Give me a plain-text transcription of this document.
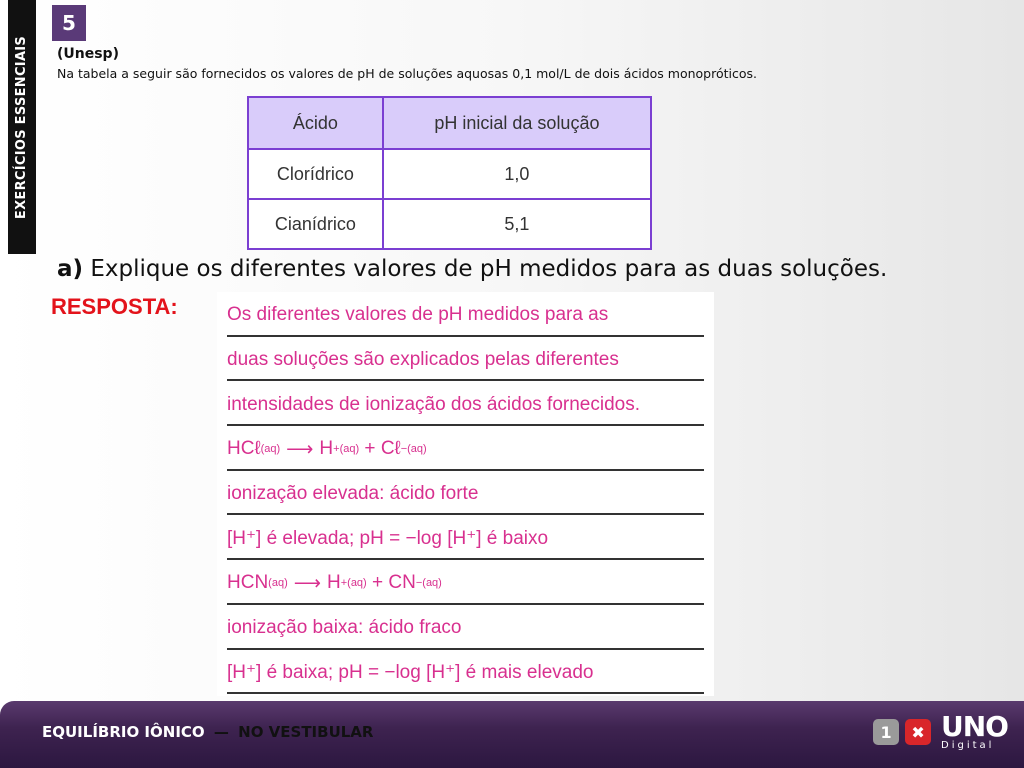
EXERCÍCIOS ESSENCIAIS
5
(Unesp)
Na tabela a seguir são fornecidos os valores de pH de soluções aquosas 0,1 mol/L de dois ácidos monopróticos.
Ácido	pH inicial da solução
Clorídrico	1,0
Cianídrico	5,1
a) Explique os diferentes valores de pH medidos para as duas soluções.
RESPOSTA:	Os diferentes valores de pH medidos para as
duas soluções são explicados pelas diferentes
intensidades de ionização dos ácidos fornecidos.
HCℓ (aq) ⟶ H + (aq)
+
Cℓ − (aq)
ionização elevada: ácido forte
[H⁺] é elevada; pH = −log [H⁺] é baixo
HCN (aq) ⟶ H + (aq)
+
CN − (aq)
ionização baixa: ácido fraco
[H⁺] é baixa; pH = −log [H⁺] é mais elevado
EQUILÍBRIO IÔNICO — NO VESTIBULAR	1	✖ UNO
Digital
